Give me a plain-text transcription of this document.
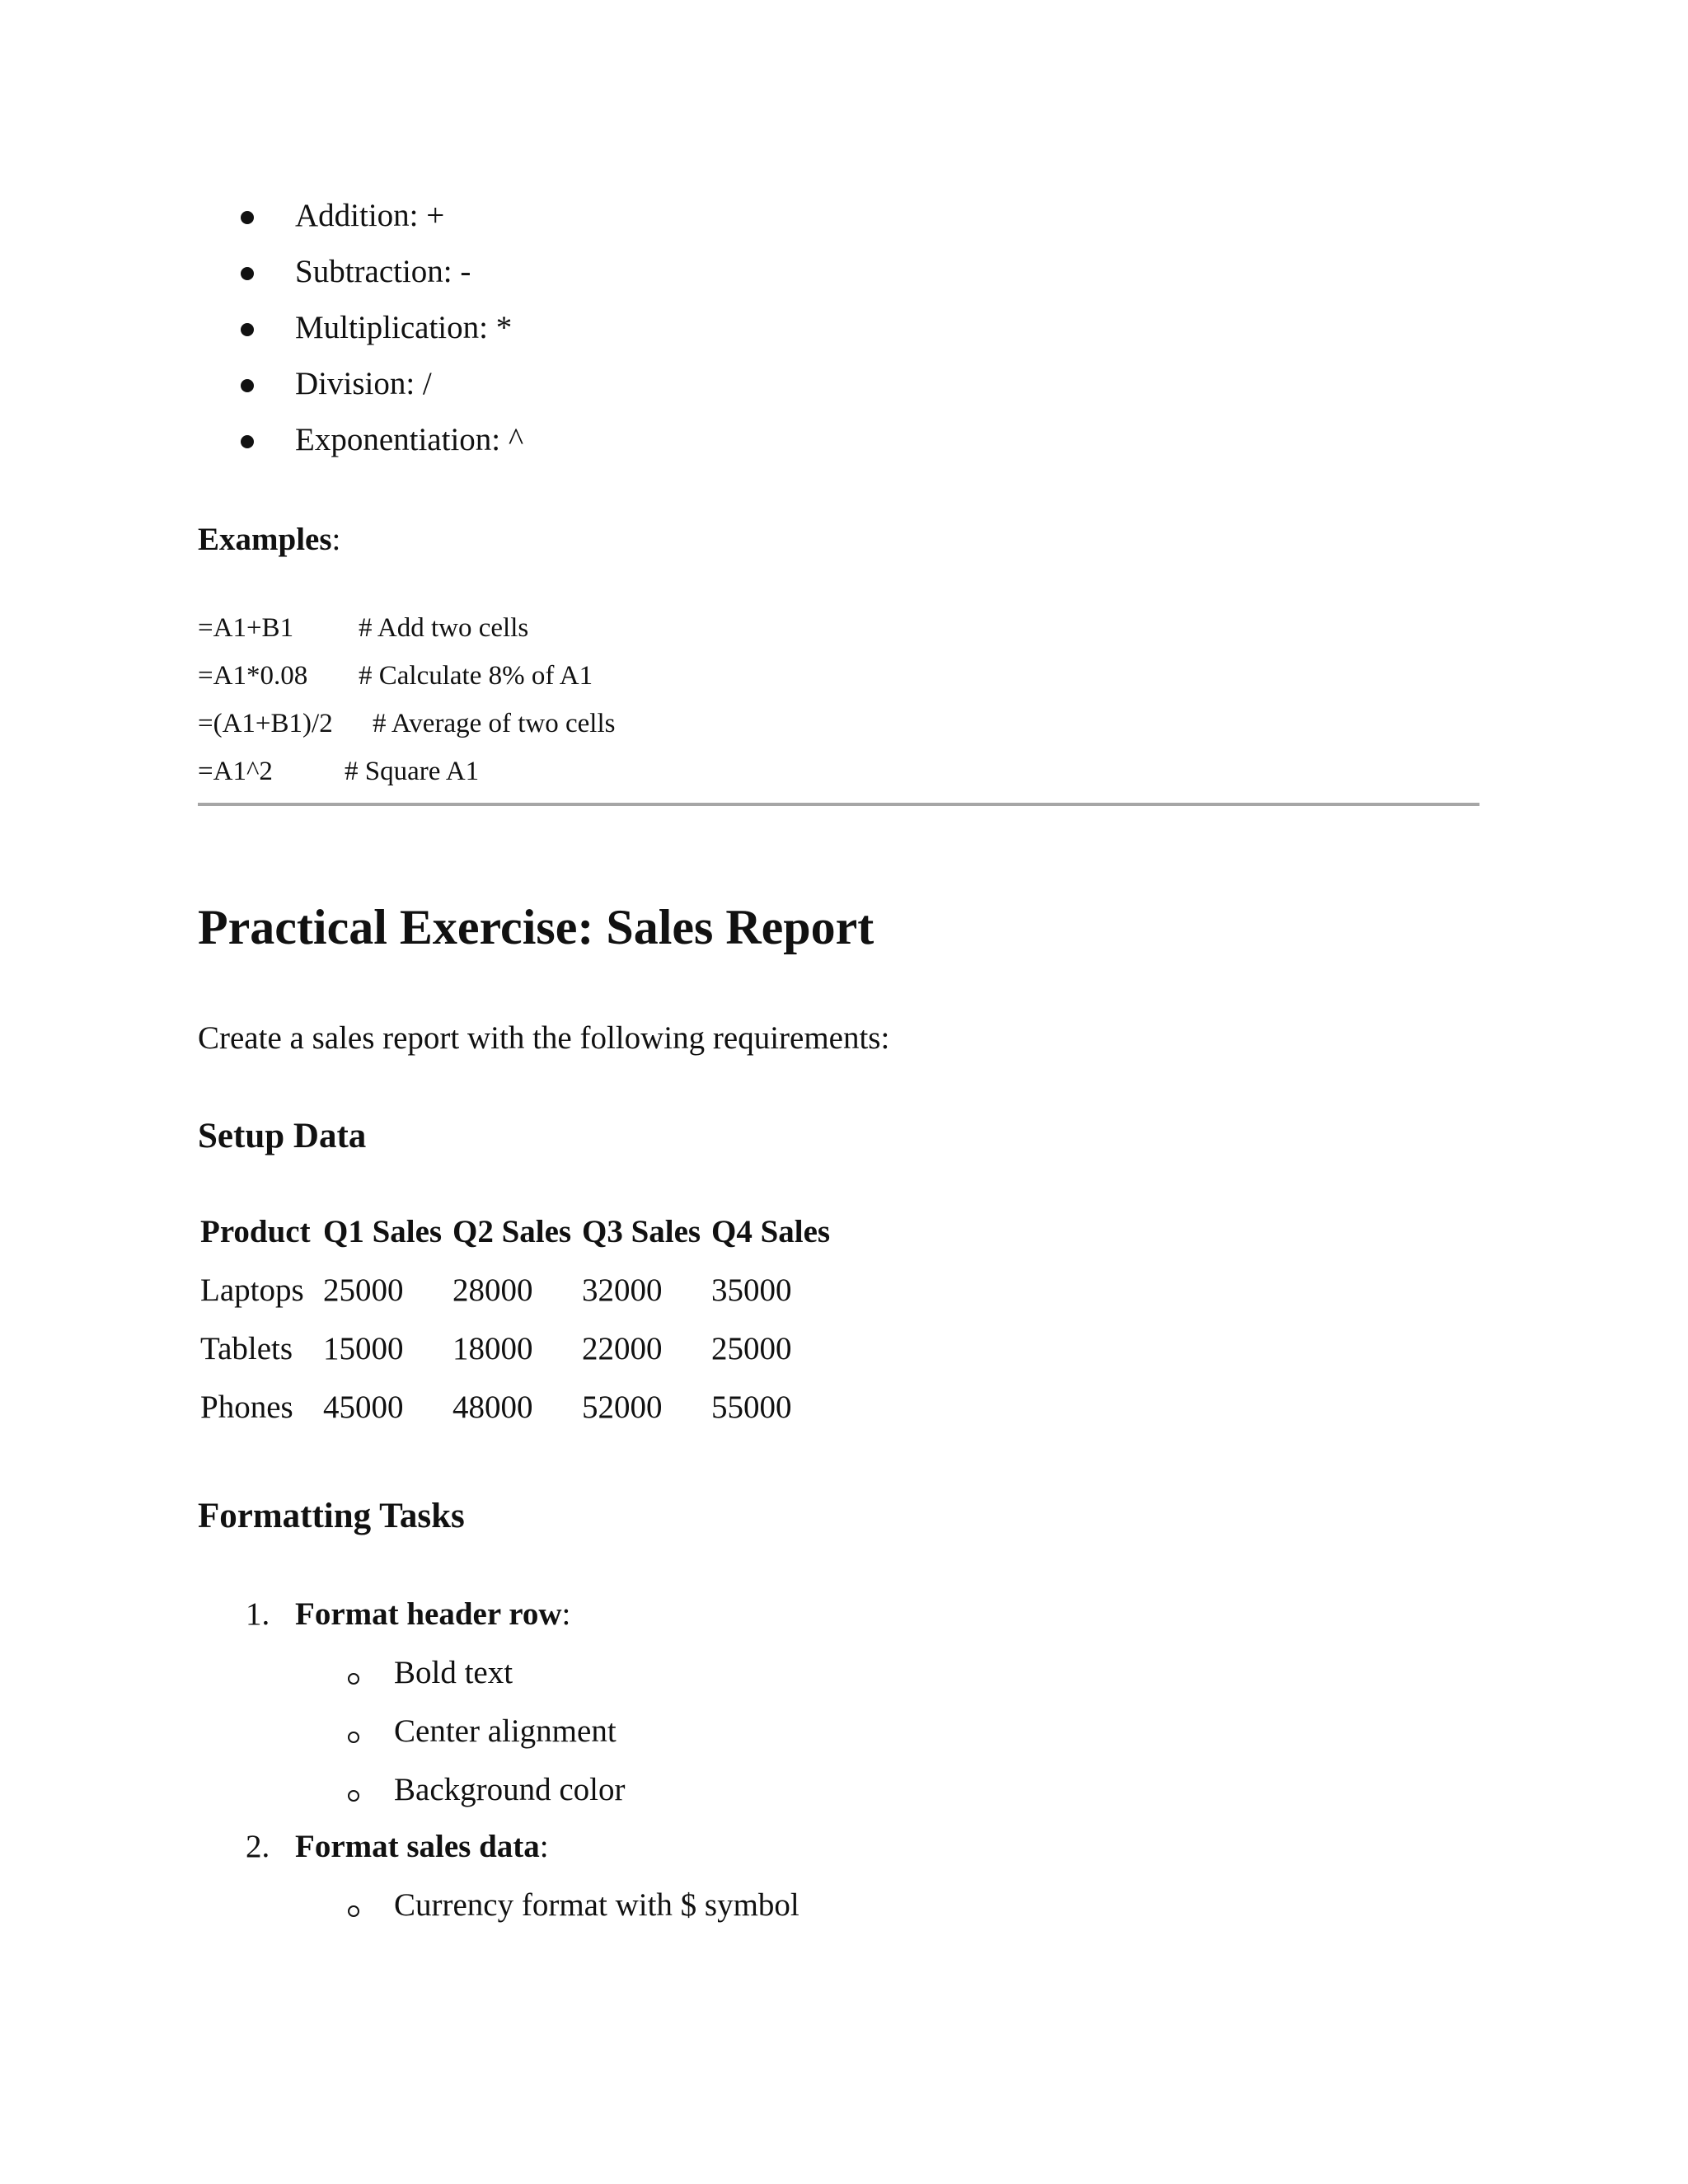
Addition: +
Subtraction: -
Multiplication: *
Division: /
Exponentiation: ^
Examples:
=A1+B1 # Add two cells
=A1*0.08 # Calculate 8% of A1
=(A1+B1)/2 # Average of two cells
=A1^2	# Square A1
Practical Exercise: Sales Report
Create a sales report with the following requirements:
Setup Data
Product Q1 Sales Q2 Sales Q3 Sales Q4 Sales
Laptops 25000 28000 32000 35000
Tablets 15000 18000 22000 25000
Phones 45000 48000 52000 55000
Formatting Tasks
1. Format header row:
Bold text
Center alignment
Background color
2. Format sales data:
Currency format with $ symbol
